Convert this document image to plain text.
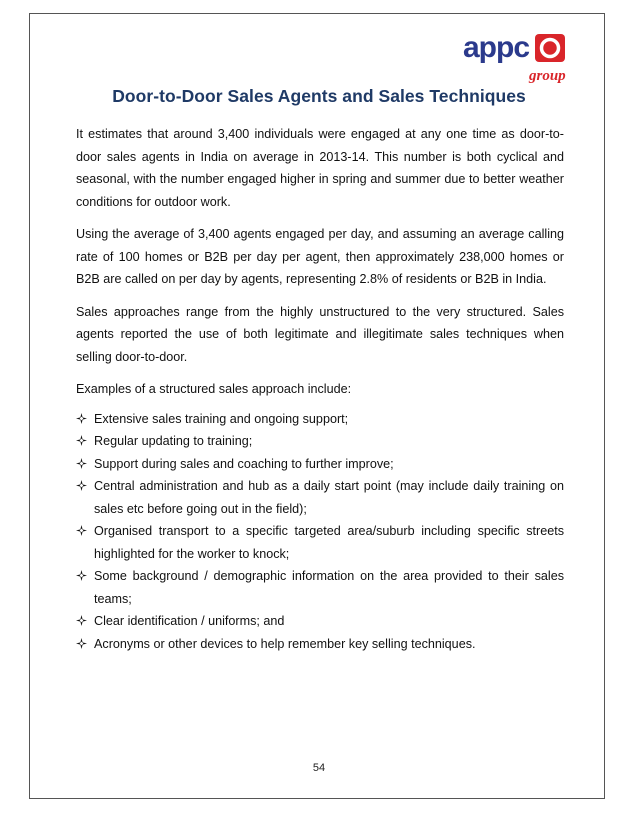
appc
group
Door-to-Door Sales Agents and Sales Techniques

It estimates that around 3,400 individuals were engaged at any one time as door-to-door sales agents in India on average in 2013-14. This number is both cyclical and seasonal, with the number engaged higher in spring and summer due to better weather conditions for outdoor work.

Using the average of 3,400 agents engaged per day, and assuming an average calling rate of 100 homes or B2B per day per agent, then approximately 238,000 homes or B2B are called on per day by agents, representing 2.8% of residents or B2B in India.

Sales approaches range from the highly unstructured to the very structured. Sales agents reported the use of both legitimate and illegitimate sales techniques when selling door-to-door.

Examples of a structured sales approach include:

Extensive sales training and ongoing support;
Regular updating to training;
Support during sales and coaching to further improve;
Central administration and hub as a daily start point (may include daily training on sales etc before going out in the field);
Organised transport to a specific targeted area/suburb including specific streets highlighted for the worker to knock;
Some background / demographic information on the area provided to their sales teams;
Clear identification / uniforms; and
Acronyms or other devices to help remember key selling techniques.
54
